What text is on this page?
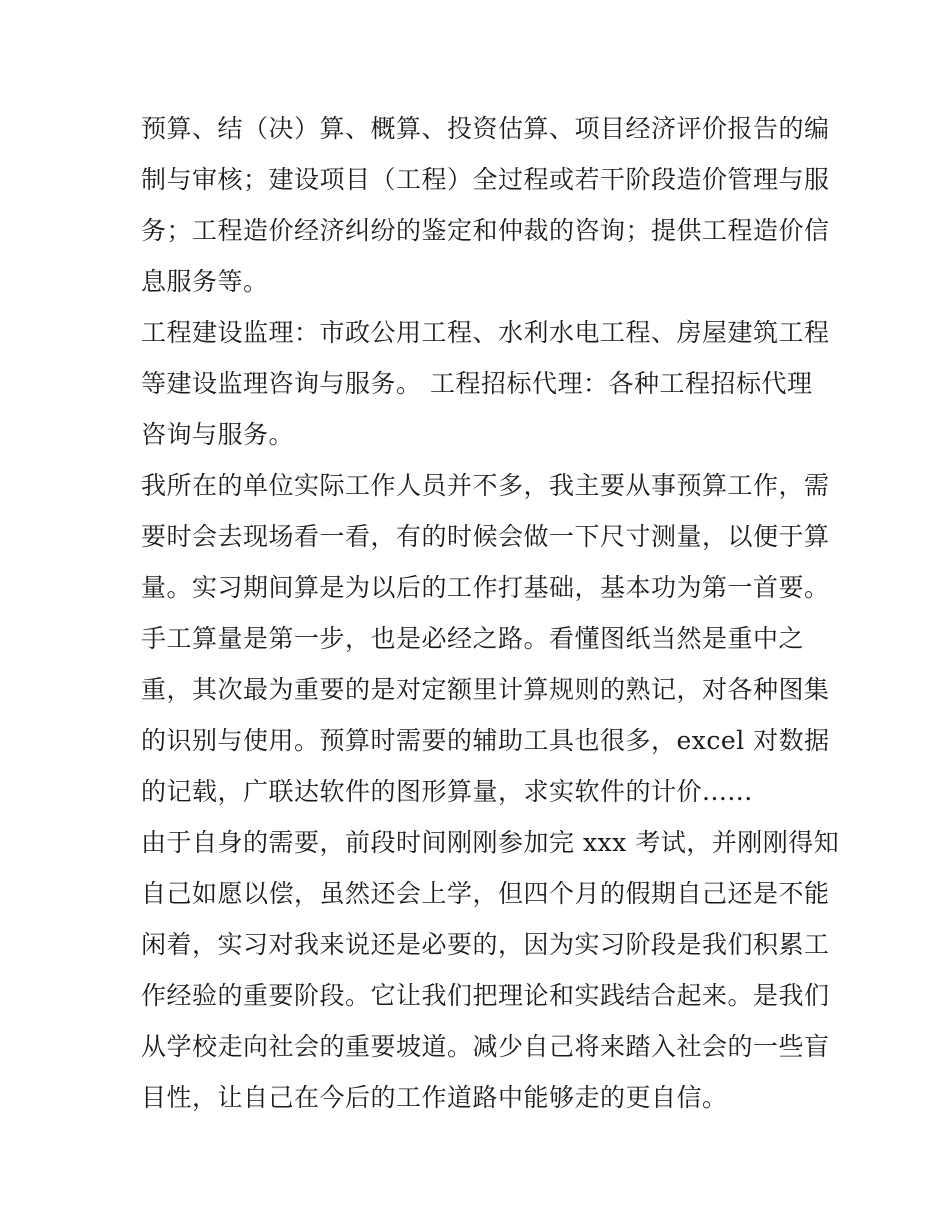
预算、结（决）算、概算、投资估算、项目经济评价报告的编
制与审核；建设项目（工程）全过程或若干阶段造价管理与服
务；工程造价经济纠纷的鉴定和仲裁的咨询；提供工程造价信
息服务等。
工程建设监理：市政公用工程、水利水电工程、房屋建筑工程
等建设监理咨询与服务。 工程招标代理：各种工程招标代理
咨询与服务。
我所在的单位实际工作人员并不多，我主要从事预算工作，需
要时会去现场看一看，有的时候会做一下尺寸测量，以便于算
量。实习期间算是为以后的工作打基础，基本功为第一首要。
手工算量是第一步，也是必经之路。看懂图纸当然是重中之
重，其次最为重要的是对定额里计算规则的熟记，对各种图集
的识别与使用。预算时需要的辅助工具也很多，excel 对数据
的记载，广联达软件的图形算量，求实软件的计价......
由于自身的需要，前段时间刚刚参加完 xxx 考试，并刚刚得知
自己如愿以偿，虽然还会上学，但四个月的假期自己还是不能
闲着，实习对我来说还是必要的，因为实习阶段是我们积累工
作经验的重要阶段。它让我们把理论和实践结合起来。是我们
从学校走向社会的重要坡道。减少自己将来踏入社会的一些盲
目性，让自己在今后的工作道路中能够走的更自信。
